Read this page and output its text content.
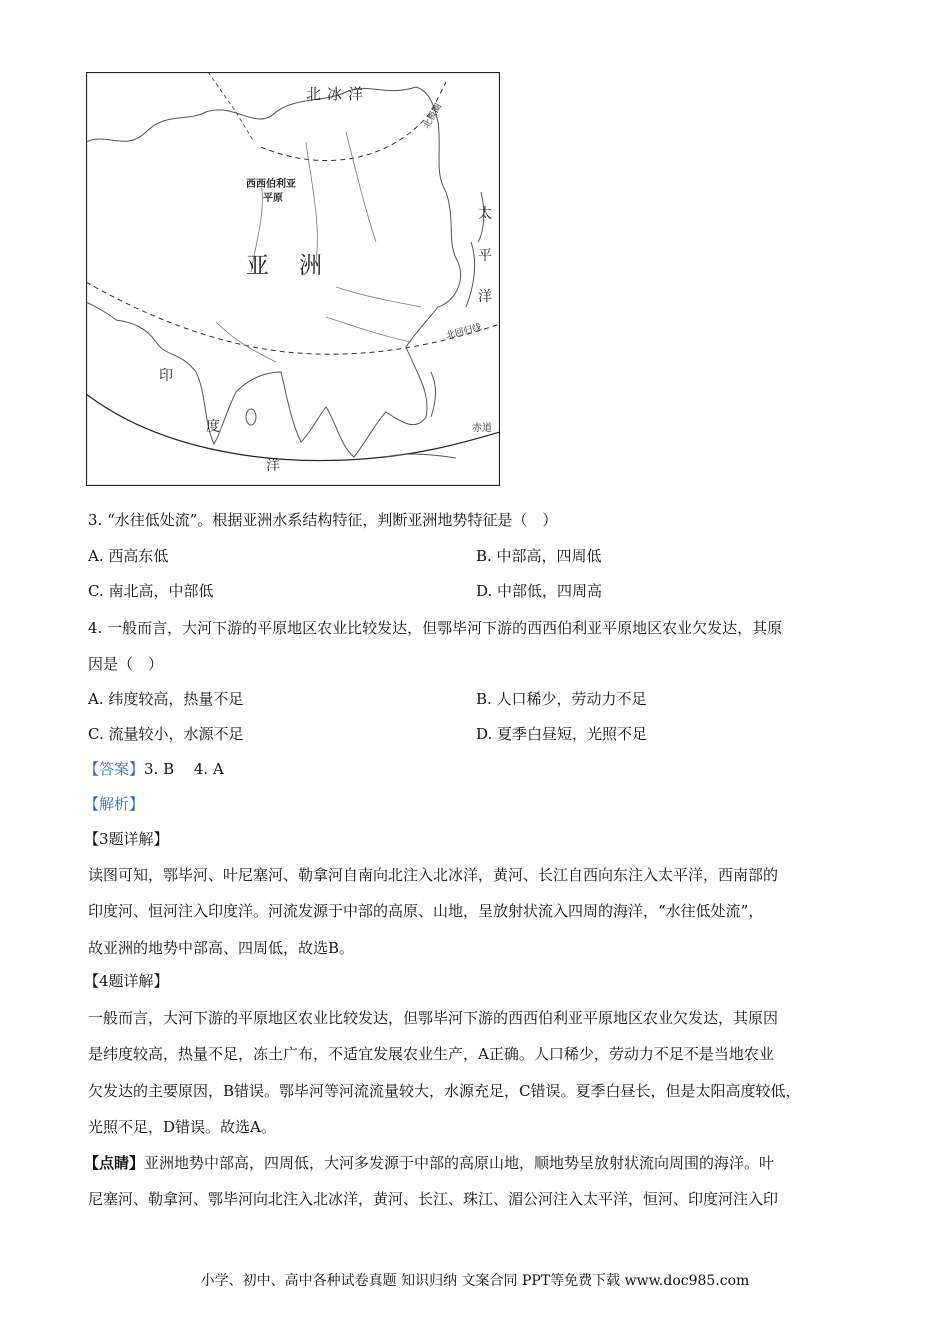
北冰洋
北极圈
西西伯利亚
平原
亚洲
太
平
洋
北回归线
印
度
洋
赤道
3. “水往低处流”。根据亚洲水系结构特征，判断亚洲地势特征是（　）
A. 西高东低	B. 中部高，四周低
C. 南北高，中部低	D. 中部低，四周高
4. 一般而言，大河下游的平原地区农业比较发达，但鄂毕河下游的西西伯利亚平原地区农业欠发达，其原
因是（　）
A. 纬度较高，热量不足	B. 人口稀少，劳动力不足
C. 流量较小，水源不足	D. 夏季白昼短，光照不足
【答案】3. B　 4. A
【解析】
【3题详解】
读图可知，鄂毕河、叶尼塞河、勒拿河自南向北注入北冰洋，黄河、长江自西向东注入太平洋，西南部的
印度河、恒河注入印度洋。河流发源于中部的高原、山地，呈放射状流入四周的海洋，“水往低处流”，
故亚洲的地势中部高、四周低，故选B。
【4题详解】
一般而言，大河下游的平原地区农业比较发达，但鄂毕河下游的西西伯利亚平原地区农业欠发达，其原因
是纬度较高，热量不足，冻土广布，不适宜发展农业生产，A正确。人口稀少，劳动力不足不是当地农业
欠发达的主要原因，B错误。鄂毕河等河流流量较大，水源充足，C错误。夏季白昼长，但是太阳高度较低，
光照不足，D错误。故选A。
【点睛】亚洲地势中部高，四周低，大河多发源于中部的高原山地，顺地势呈放射状流向周围的海洋。叶
尼塞河、勒拿河、鄂毕河向北注入北冰洋，黄河、长江、珠江、湄公河注入太平洋，恒河、印度河注入印
小学、初中、高中各种试卷真题 知识归纳 文案合同 PPT等免费下载 www.doc985.com
